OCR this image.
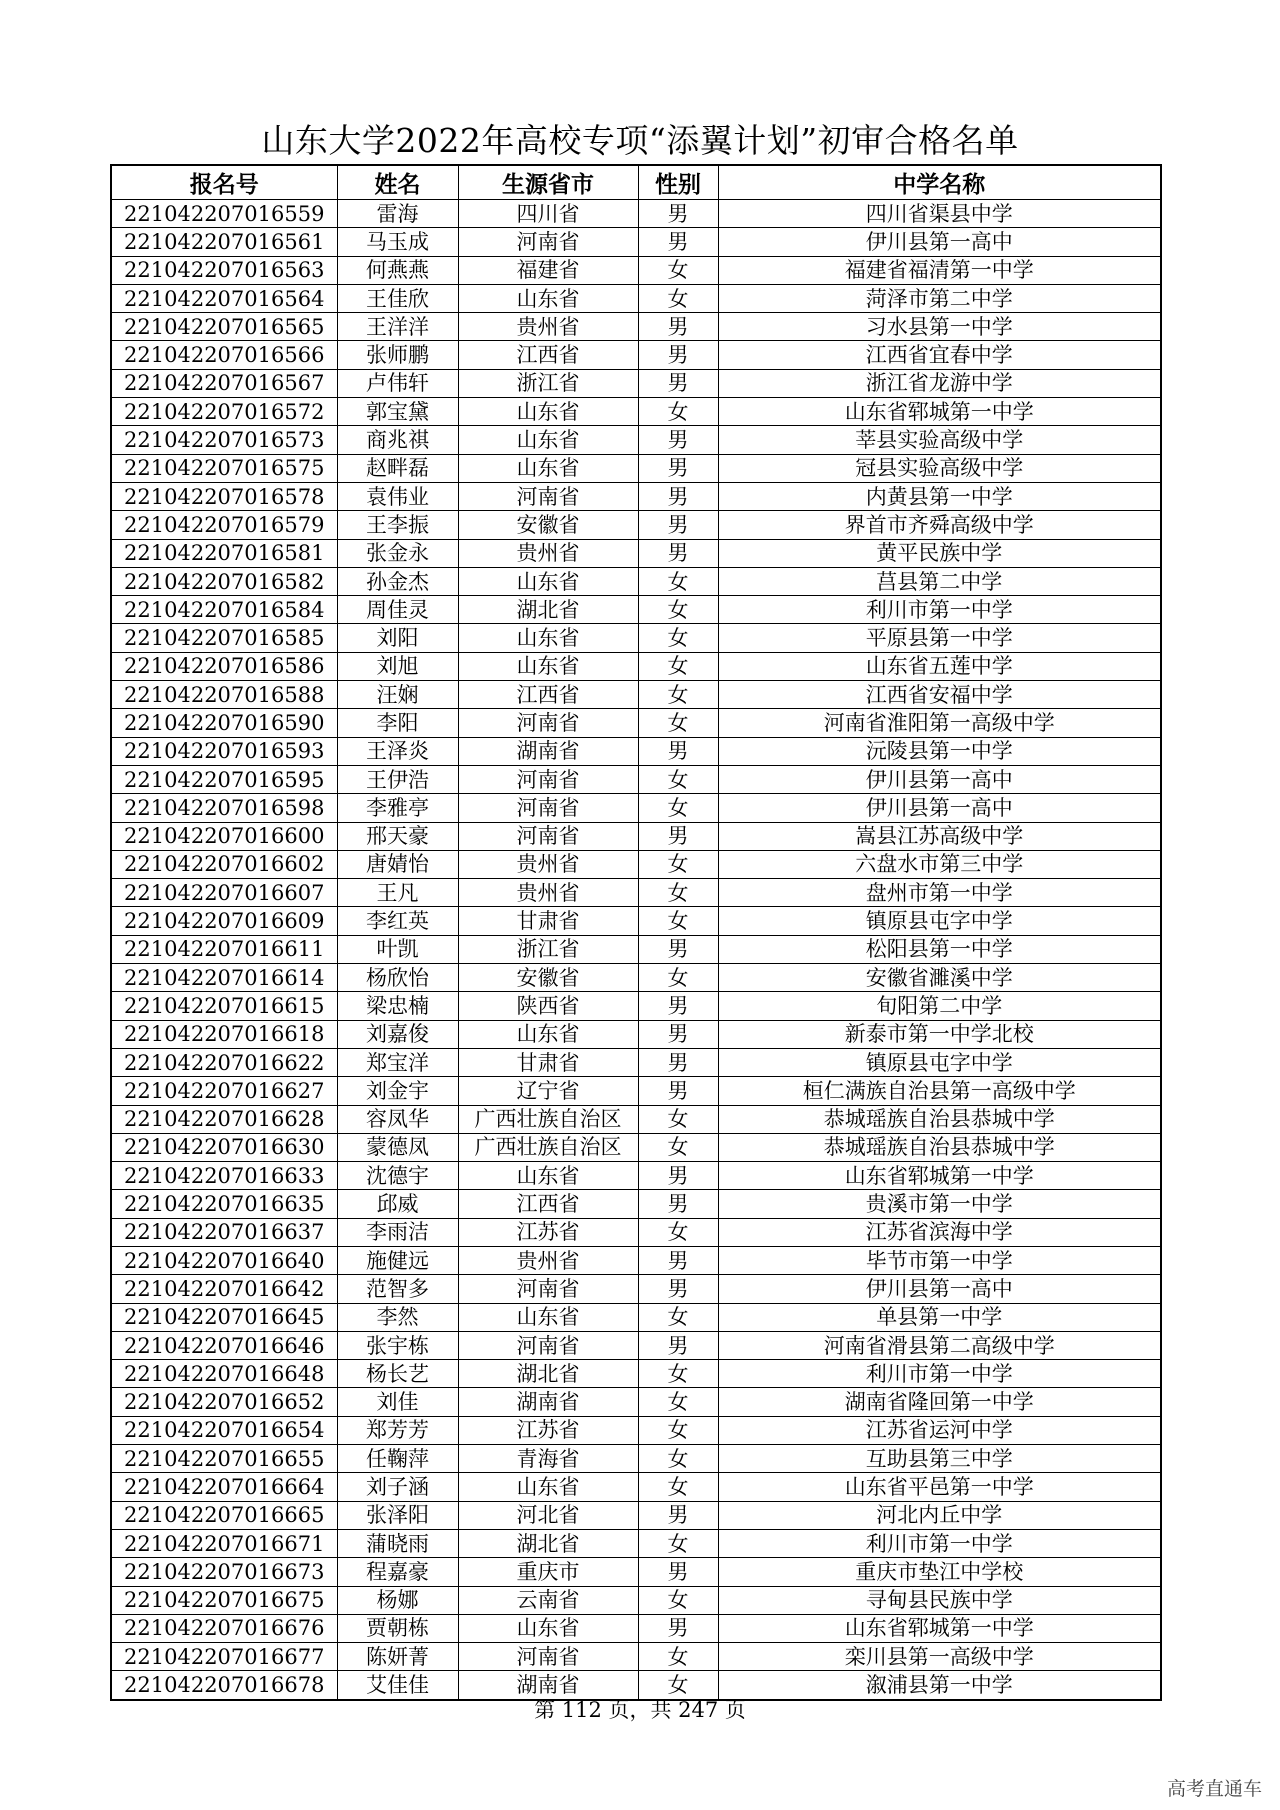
山东大学2022年高校专项“添翼计划”初审合格名单
报名号	姓名	生源省市	性别	中学名称
221042207016559	雷海	四川省	男	四川省渠县中学
221042207016561	马玉成	河南省	男	伊川县第一高中
221042207016563	何燕燕	福建省	女	福建省福清第一中学
221042207016564	王佳欣	山东省	女	菏泽市第二中学
221042207016565	王洋洋	贵州省	男	习水县第一中学
221042207016566	张师鹏	江西省	男	江西省宜春中学
221042207016567	卢伟轩	浙江省	男	浙江省龙游中学
221042207016572	郭宝黛	山东省	女	山东省郓城第一中学
221042207016573	商兆祺	山东省	男	莘县实验高级中学
221042207016575	赵畔磊	山东省	男	冠县实验高级中学
221042207016578	袁伟业	河南省	男	内黄县第一中学
221042207016579	王李振	安徽省	男	界首市齐舜高级中学
221042207016581	张金永	贵州省	男	黄平民族中学
221042207016582	孙金杰	山东省	女	莒县第二中学
221042207016584	周佳灵	湖北省	女	利川市第一中学
221042207016585	刘阳	山东省	女	平原县第一中学
221042207016586	刘旭	山东省	女	山东省五莲中学
221042207016588	汪娴	江西省	女	江西省安福中学
221042207016590	李阳	河南省	女	河南省淮阳第一高级中学
221042207016593	王泽炎	湖南省	男	沅陵县第一中学
221042207016595	王伊浩	河南省	女	伊川县第一高中
221042207016598	李雅亭	河南省	女	伊川县第一高中
221042207016600	邢天豪	河南省	男	嵩县江苏高级中学
221042207016602	唐婧怡	贵州省	女	六盘水市第三中学
221042207016607	王凡	贵州省	女	盘州市第一中学
221042207016609	李红英	甘肃省	女	镇原县屯字中学
221042207016611	叶凯	浙江省	男	松阳县第一中学
221042207016614	杨欣怡	安徽省	女	安徽省濉溪中学
221042207016615	梁忠楠	陕西省	男	旬阳第二中学
221042207016618	刘嘉俊	山东省	男	新泰市第一中学北校
221042207016622	郑宝洋	甘肃省	男	镇原县屯字中学
221042207016627	刘金宇	辽宁省	男	桓仁满族自治县第一高级中学
221042207016628	容凤华	广西壮族自治区	女	恭城瑶族自治县恭城中学
221042207016630	蒙德凤	广西壮族自治区	女	恭城瑶族自治县恭城中学
221042207016633	沈德宇	山东省	男	山东省郓城第一中学
221042207016635	邱威	江西省	男	贵溪市第一中学
221042207016637	李雨洁	江苏省	女	江苏省滨海中学
221042207016640	施健远	贵州省	男	毕节市第一中学
221042207016642	范智多	河南省	男	伊川县第一高中
221042207016645	李然	山东省	女	单县第一中学
221042207016646	张宇栋	河南省	男	河南省滑县第二高级中学
221042207016648	杨长艺	湖北省	女	利川市第一中学
221042207016652	刘佳	湖南省	女	湖南省隆回第一中学
221042207016654	郑芳芳	江苏省	女	江苏省运河中学
221042207016655	任鞠萍	青海省	女	互助县第三中学
221042207016664	刘子涵	山东省	女	山东省平邑第一中学
221042207016665	张泽阳	河北省	男	河北内丘中学
221042207016671	蒲晓雨	湖北省	女	利川市第一中学
221042207016673	程嘉豪	重庆市	男	重庆市垫江中学校
221042207016675	杨娜	云南省	女	寻甸县民族中学
221042207016676	贾朝栋	山东省	男	山东省郓城第一中学
221042207016677	陈妍菁	河南省	女	栾川县第一高级中学
221042207016678	艾佳佳	湖南省	女	溆浦县第一中学
第 112 页，共 247 页
高考直通车
